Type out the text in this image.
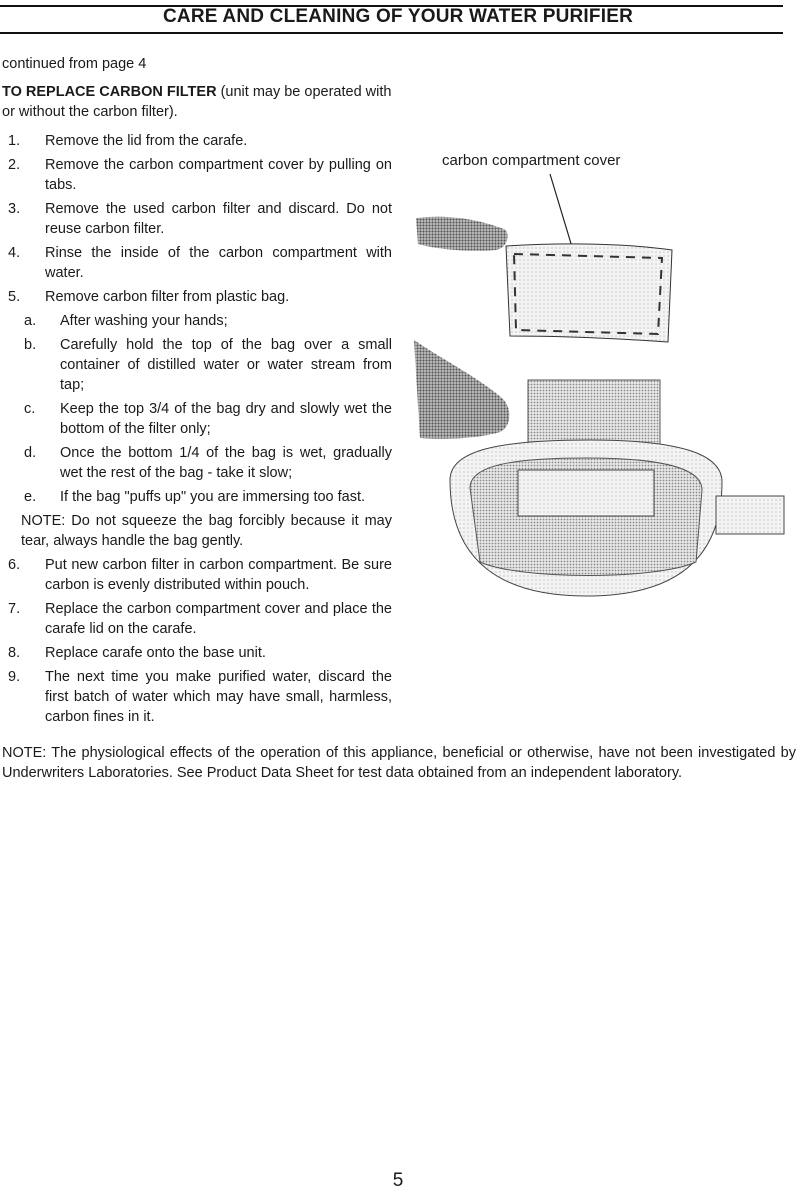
CARE AND CLEANING OF YOUR WATER PURIFIER
continued from page 4
TO REPLACE CARBON FILTER (unit may be operated with or without the carbon filter).
1. Remove the lid from the carafe.
2. Remove the carbon compartment cover by pulling on tabs.
3. Remove the used carbon filter and discard. Do not reuse carbon filter.
4. Rinse the inside of the carbon compartment with water.
5. Remove carbon filter from plastic bag.
a. After washing your hands;
b. Carefully hold the top of the bag over a small container of distilled water or water stream from tap;
c. Keep the top 3/4 of the bag dry and slowly wet the bottom of the filter only;
d. Once the bottom 1/4 of the bag is wet, gradually wet the rest of the bag - take it slow;
e. If the bag "puffs up" you are immersing too fast.
NOTE: Do not squeeze the bag forcibly because it may tear, always handle the bag gently.
6. Put new carbon filter in carbon compartment. Be sure carbon is evenly distributed within pouch.
7. Replace the carbon compartment cover and place the carafe lid on the carafe.
8. Replace carafe onto the base unit.
9. The next time you make purified water, discard the first batch of water which may have small, harmless, carbon fines in it.
carbon compartment cover
NOTE: The physiological effects of the operation of this appliance, beneficial or otherwise, have not been investigated by Underwriters Laboratories. See Product Data Sheet for test data obtained from an independent laboratory.
5
